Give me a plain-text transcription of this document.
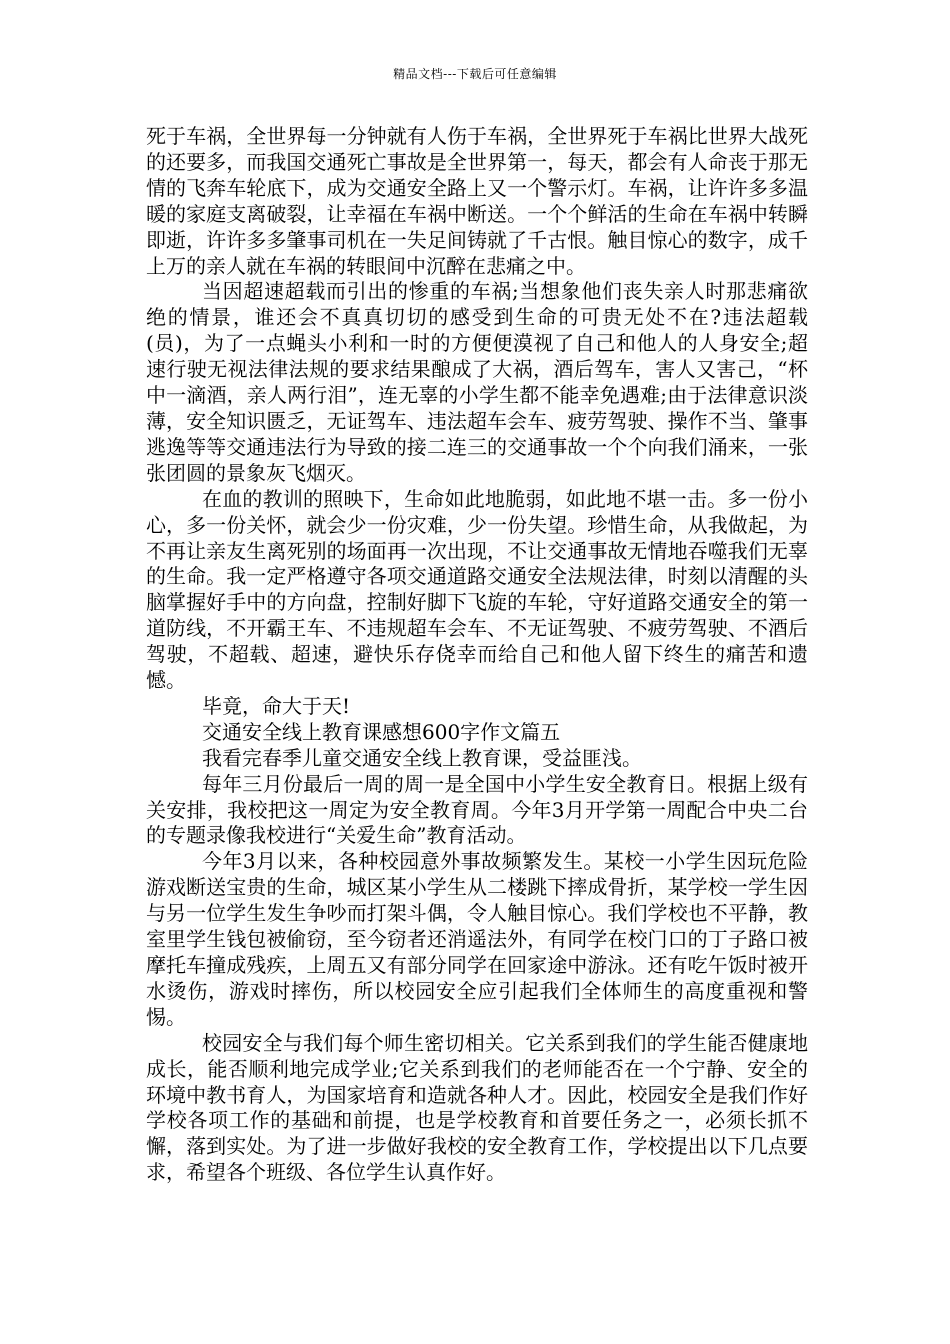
精品文档---下载后可任意编辑

死于车祸，全世界每一分钟就有人伤于车祸，全世界死于车祸比世界大战死的还要多，而我国交通死亡事故是全世界第一，每天，都会有人命丧于那无情的飞奔车轮底下，成为交通安全路上又一个警示灯。车祸，让许许多多温暖的家庭支离破裂，让幸福在车祸中断送。一个个鲜活的生命在车祸中转瞬即逝，许许多多肇事司机在一失足间铸就了千古恨。触目惊心的数字，成千上万的亲人就在车祸的转眼间中沉醉在悲痛之中。

当因超速超载而引出的惨重的车祸;当想象他们丧失亲人时那悲痛欲绝的情景，谁还会不真真切切的感受到生命的可贵无处不在?违法超载(员)，为了一点蝇头小利和一时的方便便漠视了自己和他人的人身安全;超速行驶无视法律法规的要求结果酿成了大祸，酒后驾车，害人又害己，“杯中一滴酒，亲人两行泪”，连无辜的小学生都不能幸免遇难;由于法律意识淡薄，安全知识匮乏，无证驾车、违法超车会车、疲劳驾驶、操作不当、肇事逃逸等等交通违法行为导致的接二连三的交通事故一个个向我们涌来，一张张团圆的景象灰飞烟灭。

在血的教训的照映下，生命如此地脆弱，如此地不堪一击。多一份小心，多一份关怀，就会少一份灾难，少一份失望。珍惜生命，从我做起，为不再让亲友生离死别的场面再一次出现，不让交通事故无情地吞噬我们无辜的生命。我一定严格遵守各项交通道路交通安全法规法律，时刻以清醒的头脑掌握好手中的方向盘，控制好脚下飞旋的车轮，守好道路交通安全的第一道防线，不开霸王车、不违规超车会车、不无证驾驶、不疲劳驾驶、不酒后驾驶，不超载、超速，避快乐存侥幸而给自己和他人留下终生的痛苦和遗憾。

毕竟，命大于天!

交通安全线上教育课感想600字作文篇五

我看完春季儿童交通安全线上教育课，受益匪浅。

每年三月份最后一周的周一是全国中小学生安全教育日。根据上级有关安排，我校把这一周定为安全教育周。今年3月开学第一周配合中央二台的专题录像我校进行“关爱生命”教育活动。

今年3月以来，各种校园意外事故频繁发生。某校一小学生因玩危险游戏断送宝贵的生命，城区某小学生从二楼跳下摔成骨折，某学校一学生因与另一位学生发生争吵而打架斗偶，令人触目惊心。我们学校也不平静，教室里学生钱包被偷窃，至今窃者还消遥法外，有同学在校门口的丁子路口被摩托车撞成残疾，上周五又有部分同学在回家途中游泳。还有吃午饭时被开水烫伤，游戏时摔伤，所以校园安全应引起我们全体师生的高度重视和警惕。

校园安全与我们每个师生密切相关。它关系到我们的学生能否健康地成长，能否顺利地完成学业;它关系到我们的老师能否在一个宁静、安全的环境中教书育人，为国家培育和造就各种人才。因此，校园安全是我们作好学校各项工作的基础和前提，也是学校教育和首要任务之一，必须长抓不懈，落到实处。为了进一步做好我校的安全教育工作，学校提出以下几点要求，希望各个班级、各位学生认真作好。
